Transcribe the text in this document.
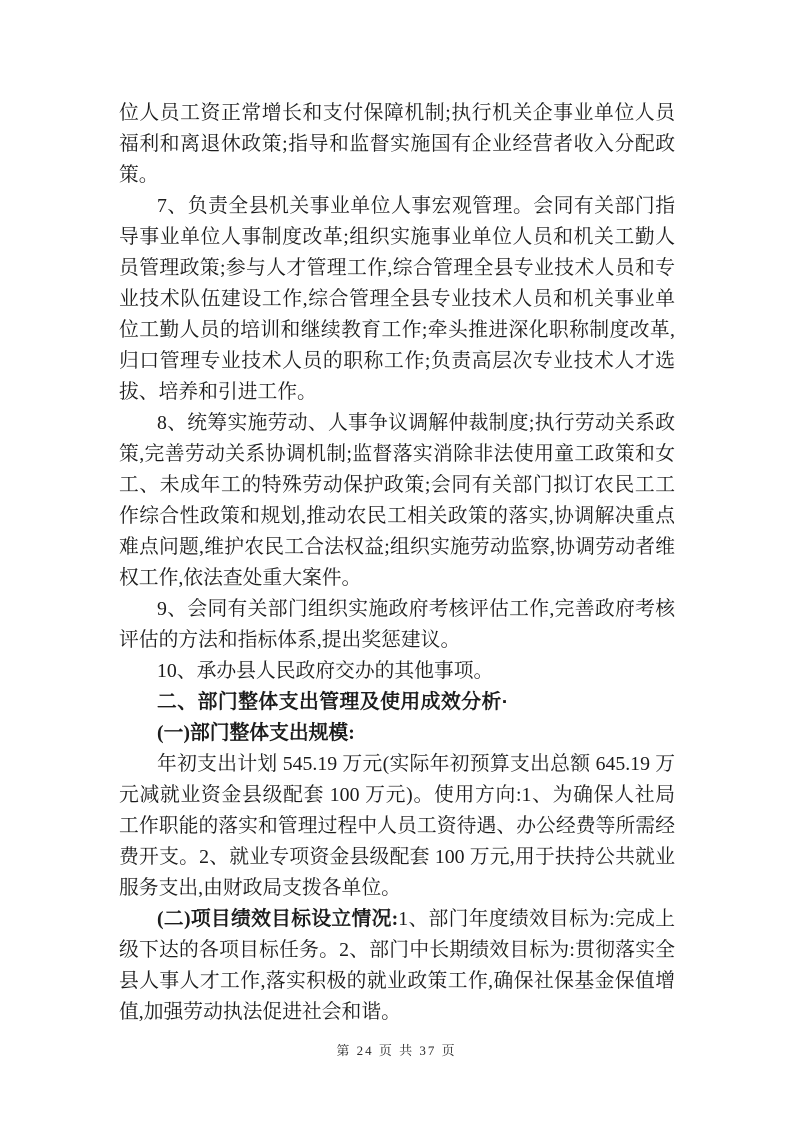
位人员工资正常增长和支付保障机制;执行机关企事业单位人员福利和离退休政策;指导和监督实施国有企业经营者收入分配政策。

7、负责全县机关事业单位人事宏观管理。会同有关部门指导事业单位人事制度改革;组织实施事业单位人员和机关工勤人员管理政策;参与人才管理工作,综合管理全县专业技术人员和专业技术队伍建设工作,综合管理全县专业技术人员和机关事业单位工勤人员的培训和继续教育工作;牵头推进深化职称制度改革,归口管理专业技术人员的职称工作;负责高层次专业技术人才选拔、培养和引进工作。

8、统筹实施劳动、人事争议调解仲裁制度;执行劳动关系政策,完善劳动关系协调机制;监督落实消除非法使用童工政策和女工、未成年工的特殊劳动保护政策;会同有关部门拟订农民工工作综合性政策和规划,推动农民工相关政策的落实,协调解决重点难点问题,维护农民工合法权益;组织实施劳动监察,协调劳动者维权工作,依法查处重大案件。

9、会同有关部门组织实施政府考核评估工作,完善政府考核评估的方法和指标体系,提出奖惩建议。

10、承办县人民政府交办的其他事项。

二、部门整体支出管理及使用成效分析·

(一)部门整体支出规模:

年初支出计划 545.19 万元(实际年初预算支出总额 645.19 万元减就业资金县级配套 100 万元)。使用方向:1、为确保人社局工作职能的落实和管理过程中人员工资待遇、办公经费等所需经费开支。2、就业专项资金县级配套 100 万元,用于扶持公共就业服务支出,由财政局支拨各单位。

(二)项目绩效目标设立情况:1、部门年度绩效目标为:完成上级下达的各项目标任务。2、部门中长期绩效目标为:贯彻落实全县人事人才工作,落实积极的就业政策工作,确保社保基金保值增值,加强劳动执法促进社会和谐。

第 24 页 共 37 页
